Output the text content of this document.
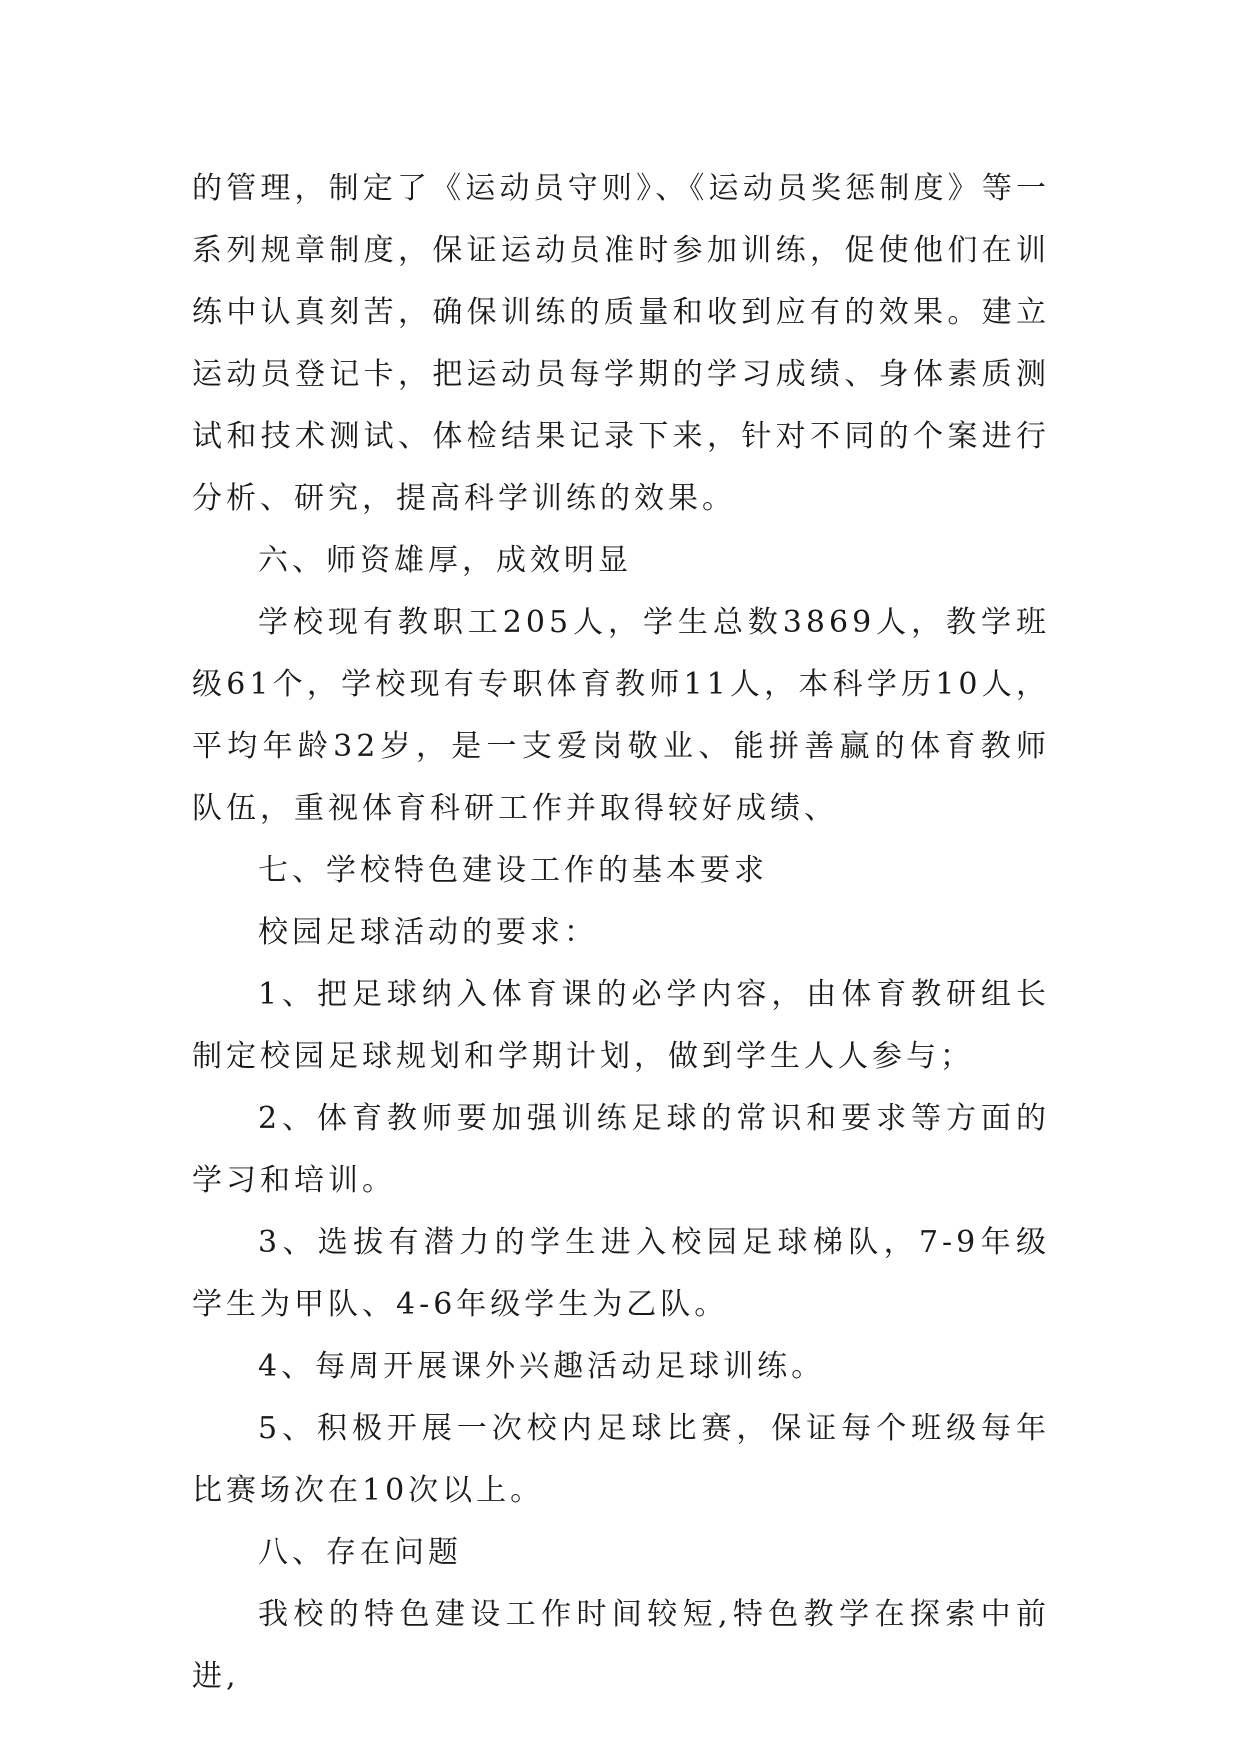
的管理，制定了《运动员守则》、《运动员奖惩制度》等一系列规章制度，保证运动员准时参加训练，促使他们在训练中认真刻苦，确保训练的质量和收到应有的效果。建立运动员登记卡，把运动员每学期的学习成绩、身体素质测试和技术测试、体检结果记录下来，针对不同的个案进行分析、研究，提高科学训练的效果。

六、师资雄厚，成效明显

学校现有教职工205人，学生总数3869人，教学班级61个，学校现有专职体育教师11人，本科学历10人，平均年龄32岁，是一支爱岗敬业、能拼善赢的体育教师队伍，重视体育科研工作并取得较好成绩、

七、学校特色建设工作的基本要求

校园足球活动的要求：

1、把足球纳入体育课的必学内容，由体育教研组长制定校园足球规划和学期计划，做到学生人人参与；

2、体育教师要加强训练足球的常识和要求等方面的学习和培训。

3、选拔有潜力的学生进入校园足球梯队，7-9年级学生为甲队、4-6年级学生为乙队。

4、每周开展课外兴趣活动足球训练。

5、积极开展一次校内足球比赛，保证每个班级每年比赛场次在10次以上。

八、存在问题

我校的特色建设工作时间较短,特色教学在探索中前进,
